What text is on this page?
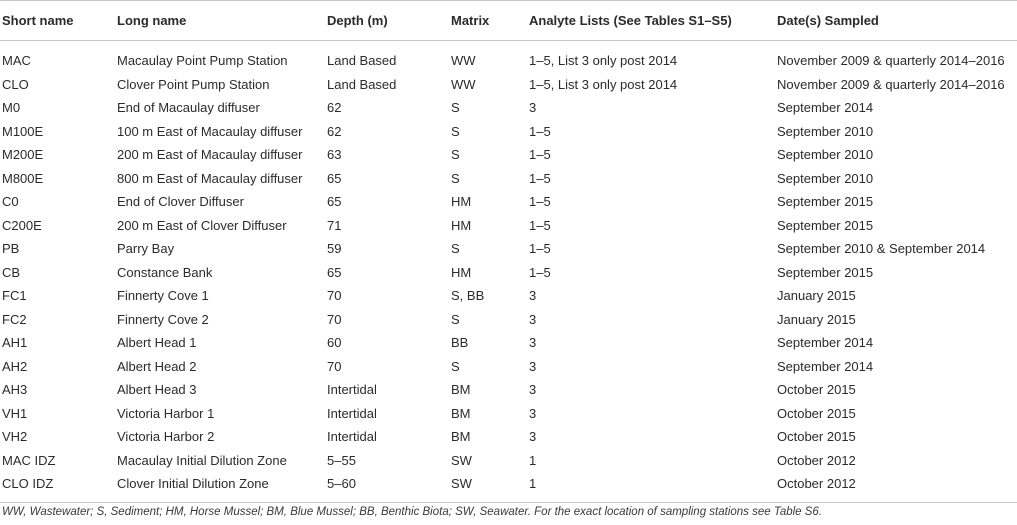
Short name	Long name	Depth (m)	Matrix	Analyte Lists (See Tables S1–S5)	Date(s) Sampled
MAC	Macaulay Point Pump Station	Land Based	WW	1–5, List 3 only post 2014	November 2009 & quarterly 2014–2016
CLO	Clover Point Pump Station	Land Based	WW	1–5, List 3 only post 2014	November 2009 & quarterly 2014–2016
M0	End of Macaulay diffuser	62	S	3	September 2014
M100E	100 m East of Macaulay diffuser	62	S	1–5	September 2010
M200E	200 m East of Macaulay diffuser	63	S	1–5	September 2010
M800E	800 m East of Macaulay diffuser	65	S	1–5	September 2010
C0	End of Clover Diffuser	65	HM	1–5	September 2015
C200E	200 m East of Clover Diffuser	71	HM	1–5	September 2015
PB	Parry Bay	59	S	1–5	September 2010 & September 2014
CB	Constance Bank	65	HM	1–5	September 2015
FC1	Finnerty Cove 1	70	S, BB	3	January 2015
FC2	Finnerty Cove 2	70	S	3	January 2015
AH1	Albert Head 1	60	BB	3	September 2014
AH2	Albert Head 2	70	S	3	September 2014
AH3	Albert Head 3	Intertidal	BM	3	October 2015
VH1	Victoria Harbor 1	Intertidal	BM	3	October 2015
VH2	Victoria Harbor 2	Intertidal	BM	3	October 2015
MAC IDZ	Macaulay Initial Dilution Zone	5–55	SW	1	October 2012
CLO IDZ	Clover Initial Dilution Zone	5–60	SW	1	October 2012
WW, Wastewater; S, Sediment; HM, Horse Mussel; BM, Blue Mussel; BB, Benthic Biota; SW, Seawater. For the exact location of sampling stations see Table S6.
